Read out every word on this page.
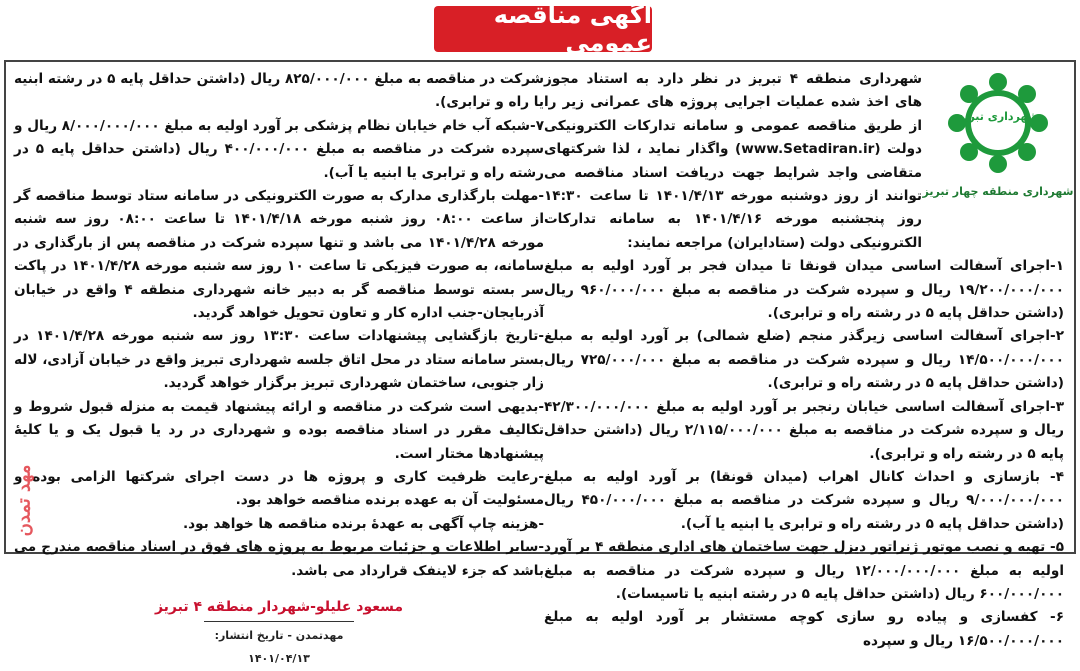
آگهی مناقصه عمومی
شهرداری تبریز
شهرداری منطقه چهار تبریز
شهرداری منطقه ۴ تبریز در نظر دارد به استناد مجوز های اخذ شده عملیات اجرایی پروژه های عمرانی زیر را از طریق مناقصه عمومی و سامانه تدارکات الکترونیکی دولت (www.Setadiran.ir) واگذار نماید ، لذا شرکتهای متقاضی واجد شرایط جهت دریافت اسناد مناقصه می توانند از روز دوشنبه مورخه ۱۴۰۱/۴/۱۳ تا ساعت ۱۴:۳۰ روز پنجشنبه مورخه ۱۴۰۱/۴/۱۶ به سامانه تدارکات الکترونیکی دولت (ستادایران) مراجعه نمایند:
۱-اجرای آسفالت اساسی میدان قونقا تا میدان فجر بر آورد اولیه به مبلغ ۱۹/۲۰۰/۰۰۰/۰۰۰ ریال و سپرده شرکت در مناقصه به مبلغ ۹۶۰/۰۰۰/۰۰۰ ریال (داشتن حداقل پایه ۵ در رشته راه و ترابری).
۲-اجرای آسفالت اساسی زیرگذر منجم (ضلع شمالی) بر آورد اولیه به مبلغ ۱۴/۵۰۰/۰۰۰/۰۰۰ ریال و سپرده شرکت در مناقصه به مبلغ ۷۲۵/۰۰۰/۰۰۰ ریال (داشتن حداقل پایه ۵ در رشته راه و ترابری).
۳-اجرای آسفالت اساسی خیابان رنجبر بر آورد اولیه به مبلغ ۴۲/۳۰۰/۰۰۰/۰۰۰ ریال و سپرده شرکت در مناقصه به مبلغ ۲/۱۱۵/۰۰۰/۰۰۰ ریال (داشتن حداقل پایه ۵ در رشته راه و ترابری).
۴- بازسازی و احداث کانال اهراب (میدان قونقا) بر آورد اولیه به مبلغ ۹/۰۰۰/۰۰۰/۰۰۰ ریال و سپرده شرکت در مناقصه به مبلغ ۴۵۰/۰۰۰/۰۰۰ ریال (داشتن حداقل پایه ۵ در رشته راه و ترابری یا ابنیه یا آب).
۵- تهیه و نصب موتور ژنراتور دیزل جهت ساختمان های اداری منطقه ۴ بر آورد اولیه به مبلغ ۱۲/۰۰۰/۰۰۰/۰۰۰ ریال و سپرده شرکت در مناقصه به مبلغ ۶۰۰/۰۰۰/۰۰۰ ریال (داشتن حداقل پایه ۵ در رشته ابنیه یا تاسیسات).
۶- کفسازی و پیاده رو سازی کوچه مستشار بر آورد اولیه به مبلغ ۱۶/۵۰۰/۰۰۰/۰۰۰ ریال و سپرده
شرکت در مناقصه به مبلغ ۸۲۵/۰۰۰/۰۰۰ ریال (داشتن حداقل پایه ۵ در رشته ابنیه یا راه و ترابری).
۷-شبکه آب خام خیابان نظام پزشکی بر آورد اولیه به مبلغ ۸/۰۰۰/۰۰۰/۰۰۰ ریال و سپرده شرکت در مناقصه به مبلغ ۴۰۰/۰۰۰/۰۰۰ ریال (داشتن حداقل پایه ۵ در رشته راه و ترابری یا ابنیه یا آب).
-مهلت بارگذاری مدارک به صورت الکترونیکی در سامانه ستاد توسط مناقصه گر از ساعت ۰۸:۰۰ روز شنبه مورخه ۱۴۰۱/۴/۱۸ تا ساعت ۰۸:۰۰ روز سه شنبه مورخه ۱۴۰۱/۴/۲۸ می باشد و تنها سپرده شرکت در مناقصه پس از بارگذاری در سامانه، به صورت فیزیکی تا ساعت ۱۰ روز سه شنبه مورخه ۱۴۰۱/۴/۲۸ در پاکت سر بسته توسط مناقصه گر به دبیر خانه شهرداری منطقه ۴ واقع در خیابان آذربایجان-جنب اداره کار و تعاون تحویل خواهد گردید.
-تاریخ بازگشایی پیشنهادات ساعت ۱۳:۳۰ روز سه شنبه مورخه ۱۴۰۱/۴/۲۸ در بستر سامانه ستاد در محل اتاق جلسه شهرداری تبریز واقع در خیابان آزادی، لاله زار جنوبی، ساختمان شهرداری تبریز برگزار خواهد گردید.
-بدیهی است شرکت در مناقصه و ارائه پیشنهاد قیمت به منزله قبول شروط و تکالیف مقرر در اسناد مناقصه بوده و شهرداری در رد یا قبول یک و یا کلیهٔ پیشنهادها مختار است.
-رعایت ظرفیت کاری و پروژه ها در دست اجرای شرکتها الزامی بوده و مسئولیت آن به عهده برنده مناقصه خواهد بود.
-هزینه چاپ آگهی به عهدهٔ برنده مناقصه ها خواهد بود.
-سایر اطلاعات و جزئیات مربوط به پروژه های فوق در اسناد مناقصه مندرج می باشد که جزء لاینفک قرارداد می باشد.
مسعود علیلو-شهردار منطقه ۴ تبریز
مهدتمدن - تاریخ انتشار: ۱۴۰۱/۰۴/۱۳

مهد تمدن
